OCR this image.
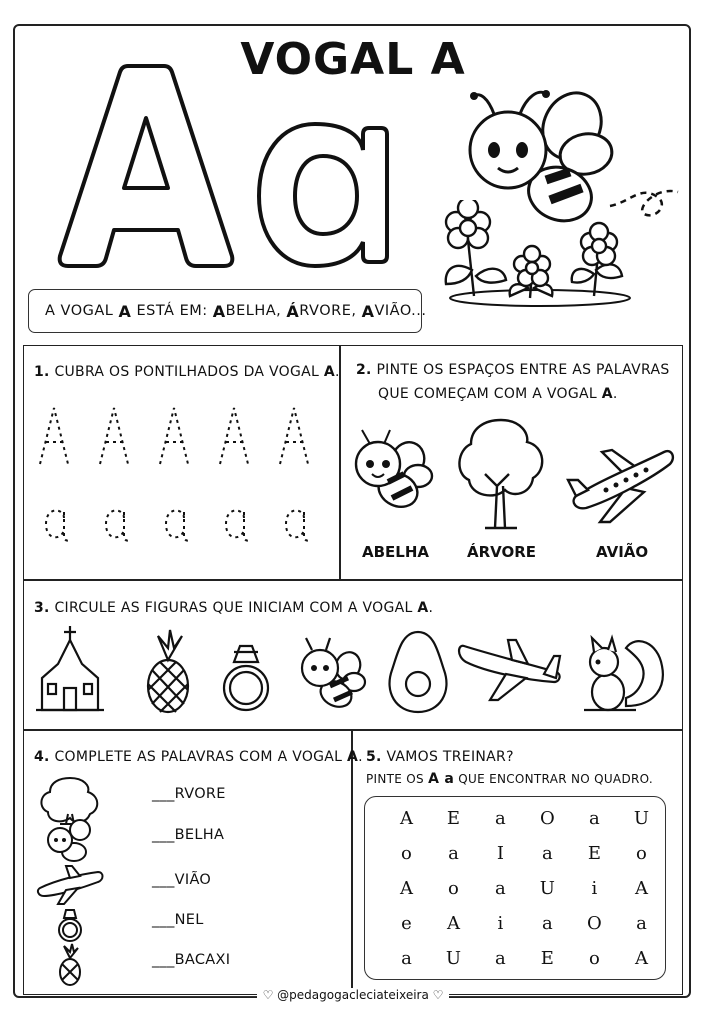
VOGAL A
A VOGAL A ESTÁ EM: A BELHA, Á RVORE, A VIÃO...
1. CUBRA OS PONTILHADOS DA VOGAL A. 2. PINTE OS ESPAÇOS ENTRE AS PALAVRAS
QUE COMEÇAM COM A VOGAL A.
ABELHA	ÁRVORE	AVIÃO
3. CIRCULE AS FIGURAS QUE INICIAM COM A VOGAL A.
4. COMPLETE AS PALAVRAS COM A VOGAL A.
___RVORE
___BELHA
___VIÃO
___NEL
___BACAXI
5. VAMOS TREINAR?
PINTE OS A a QUE ENCONTRAR NO QUADRO.
A	E	a	O	a	U
o	a	I	a	E	o
A	o	a	U	i	A
e	A	i	a	O	a
a	U	a	E	o	A
♡ @pedagogacleciateixeira ♡
